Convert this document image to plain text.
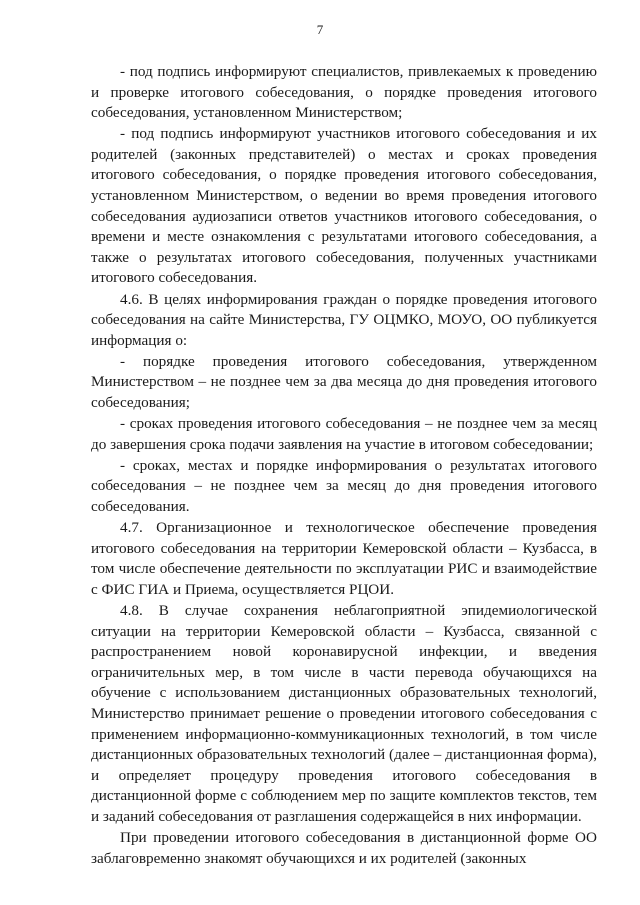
7

- под подпись информируют специалистов, привлекаемых к проведению и проверке итогового собеседования, о порядке проведения итогового собеседования, установленном Министерством;

- под подпись информируют участников итогового собеседования и их родителей (законных представителей) о местах и сроках проведения итогового собеседования, о порядке проведения итогового собеседования, установленном Министерством, о ведении во время проведения итогового собеседования аудиозаписи ответов участников итогового собеседования, о времени и месте ознакомления с результатами итогового собеседования, а также о результатах итогового собеседования, полученных участниками итогового собеседования.

4.6. В целях информирования граждан о порядке проведения итогового собеседования на сайте Министерства, ГУ ОЦМКО, МОУО, ОО публикуется информация о:

- порядке проведения итогового собеседования, утвержденном Министерством – не позднее чем за два месяца до дня проведения итогового собеседования;

- сроках проведения итогового собеседования – не позднее чем за месяц до завершения срока подачи заявления на участие в итоговом собеседовании;

- сроках, местах и порядке информирования о результатах итогового собеседования – не позднее чем за месяц до дня проведения итогового собеседования.

4.7. Организационное и технологическое обеспечение проведения итогового собеседования на территории Кемеровской области – Кузбасса, в том числе обеспечение деятельности по эксплуатации РИС и взаимодействие с ФИС ГИА и Приема, осуществляется РЦОИ.

4.8. В случае сохранения неблагоприятной эпидемиологической ситуации на территории Кемеровской области – Кузбасса, связанной с распространением новой коронавирусной инфекции, и введения ограничительных мер, в том числе в части перевода обучающихся на обучение с использованием дистанционных образовательных технологий, Министерство принимает решение о проведении итогового собеседования с применением информационно-коммуникационных технологий, в том числе дистанционных образовательных технологий (далее – дистанционная форма), и определяет процедуру проведения итогового собеседования в дистанционной форме с соблюдением мер по защите комплектов текстов, тем и заданий собеседования от разглашения содержащейся в них информации.

При проведении итогового собеседования в дистанционной форме ОО заблаговременно знакомят обучающихся и их родителей (законных
